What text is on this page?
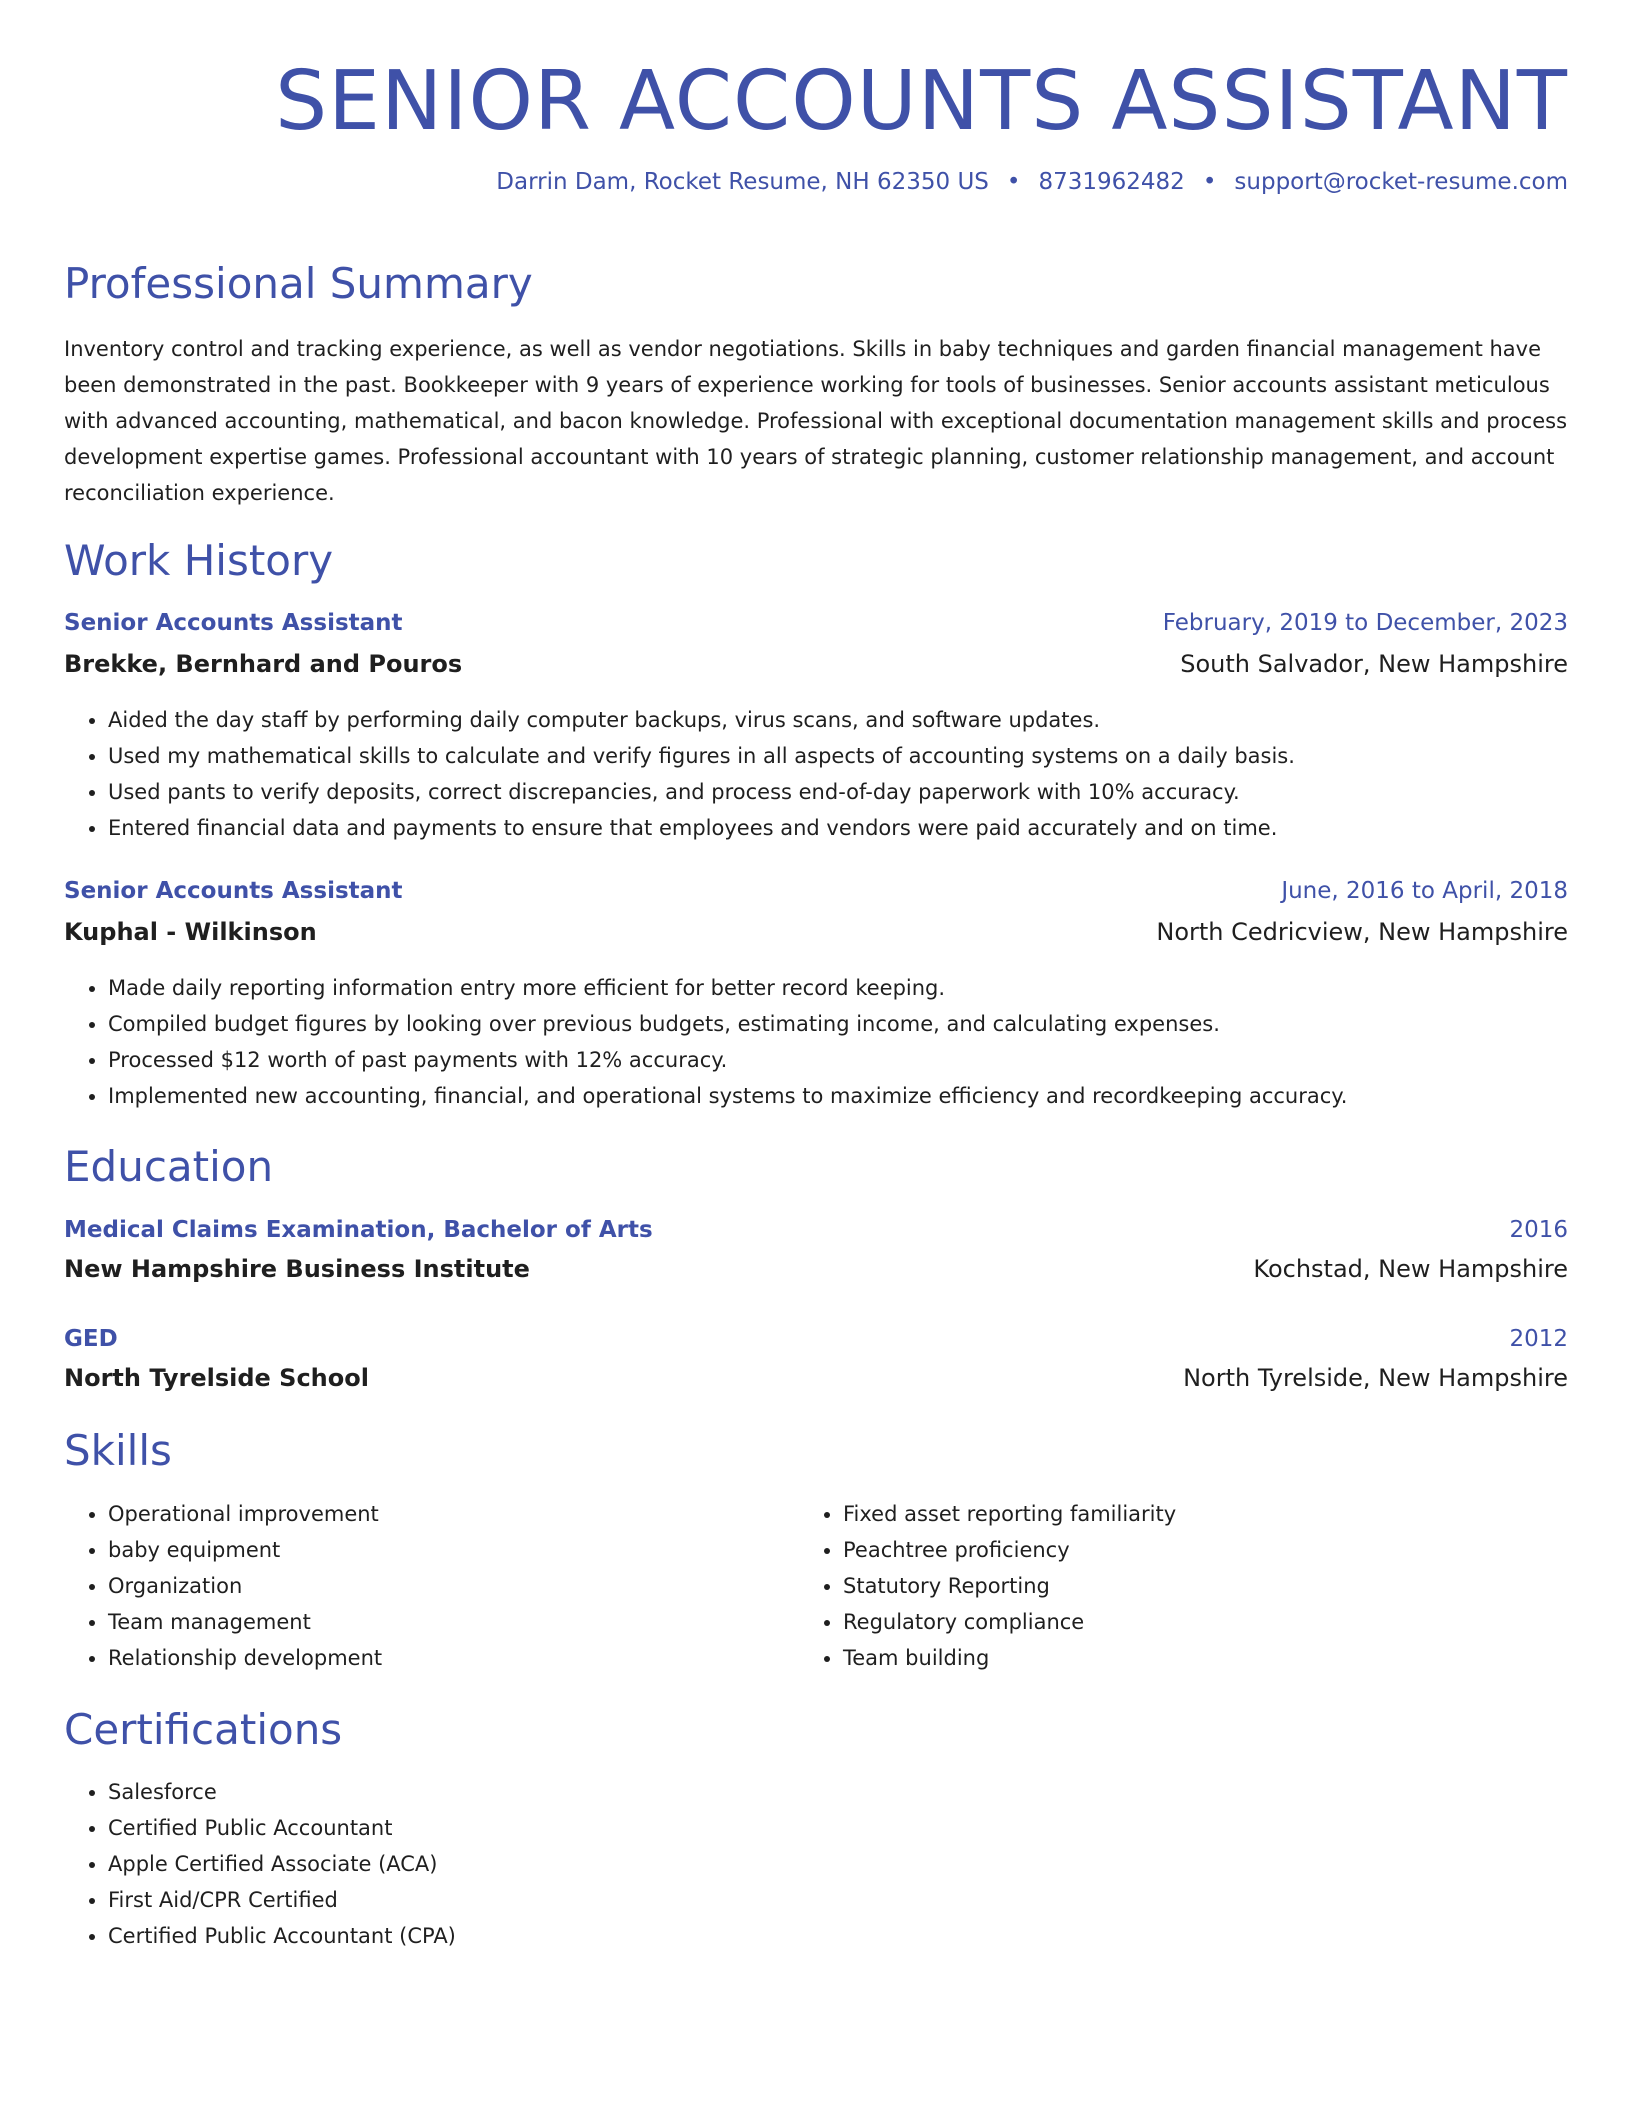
SENIOR ACCOUNTS ASSISTANT
Darrin Dam, Rocket Resume, NH 62350 US • 8731962482 • support@rocket-resume.com
Professional Summary
Inventory control and tracking experience, as well as vendor negotiations. Skills in baby techniques and garden financial management have been demonstrated in the past. Bookkeeper with 9 years of experience working for tools of businesses. Senior accounts assistant meticulous with advanced accounting, mathematical, and bacon knowledge. Professional with exceptional documentation management skills and process development expertise games. Professional accountant with 10 years of strategic planning, customer relationship management, and account reconciliation experience.
Work History
Senior Accounts Assistant	February, 2019 to December, 2023
Brekke, Bernhard and Pouros	South Salvador, New Hampshire
• Aided the day staff by performing daily computer backups, virus scans, and software updates.
• Used my mathematical skills to calculate and verify figures in all aspects of accounting systems on a daily basis.
• Used pants to verify deposits, correct discrepancies, and process end-of-day paperwork with 10% accuracy.
• Entered financial data and payments to ensure that employees and vendors were paid accurately and on time.
Senior Accounts Assistant	June, 2016 to April, 2018
Kuphal - Wilkinson	North Cedricview, New Hampshire
• Made daily reporting information entry more efficient for better record keeping.
• Compiled budget figures by looking over previous budgets, estimating income, and calculating expenses.
• Processed $12 worth of past payments with 12% accuracy.
• Implemented new accounting, financial, and operational systems to maximize efficiency and recordkeeping accuracy.
Education
Medical Claims Examination, Bachelor of Arts	2016
New Hampshire Business Institute	Kochstad, New Hampshire
GED	2012
North Tyrelside School	North Tyrelside, New Hampshire
Skills
• Operational improvement
• baby equipment
• Organization
• Team management
• Relationship development
• Fixed asset reporting familiarity
• Peachtree proficiency
• Statutory Reporting
• Regulatory compliance
• Team building
Certifications
• Salesforce
• Certified Public Accountant
• Apple Certified Associate (ACA)
• First Aid/CPR Certified
• Certified Public Accountant (CPA)
